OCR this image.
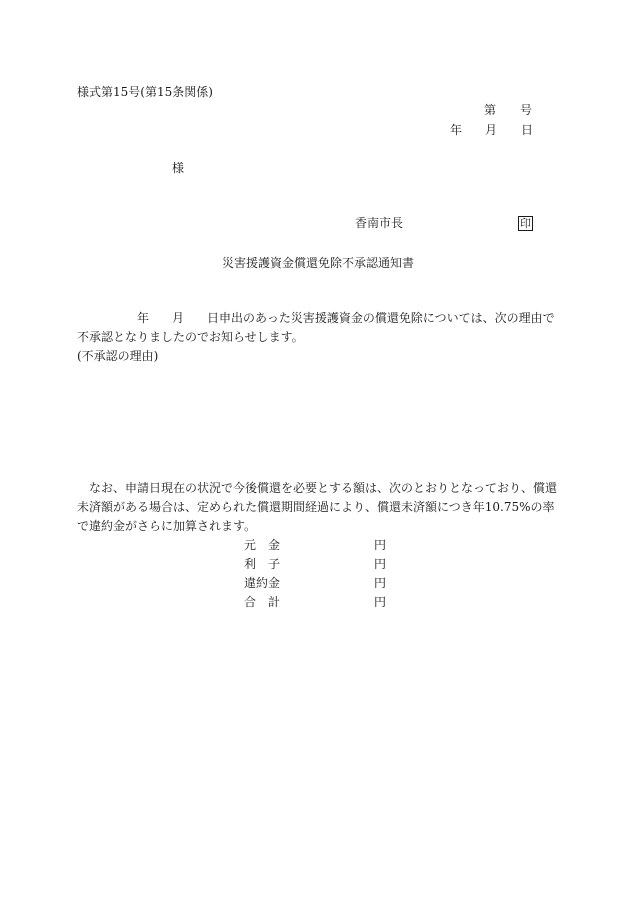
様式第15号(第15条関係)
第 号
年 月 日
様
香南市長	印
災害援護資金償還免除不承認通知書
年 月 日申出のあった災害援護資金の償還免除については、次の理由で
不承認となりましたのでお知らせします。
(不承認の理由)
なお、申請日現在の状況で今後償還を必要とする額は、次のとおりとなっており、償還
未済額がある場合は、定められた償還期間経過により、償還未済額につき年10.75%の率
で違約金がさらに加算されます。
元　金	円
利　子	円
違約金	円
合　計	円
